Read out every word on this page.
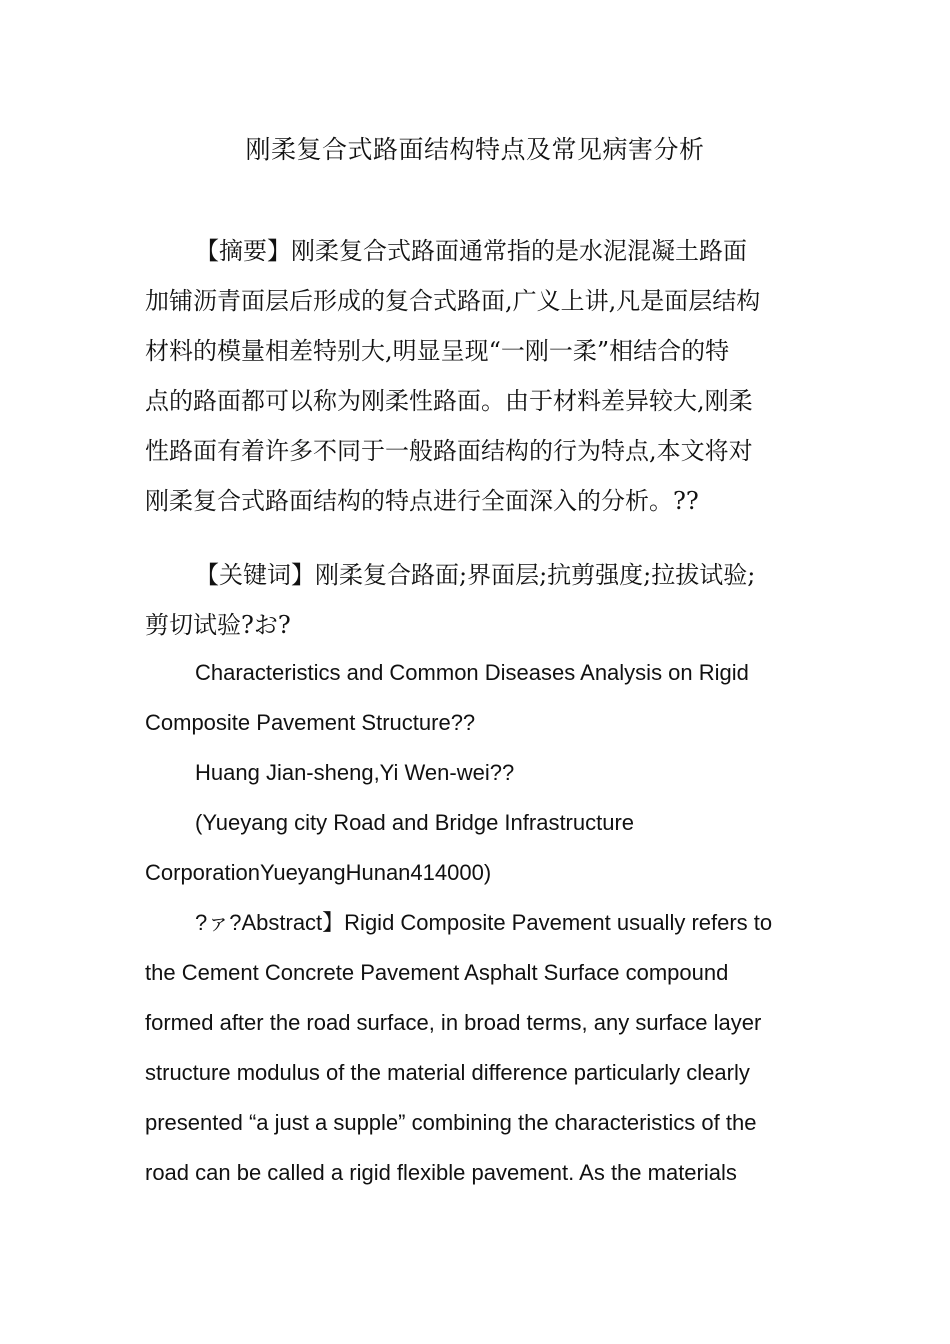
刚柔复合式路面结构特点及常见病害分析
【摘要】刚柔复合式路面通常指的是水泥混凝土路面
加铺沥青面层后形成的复合式路面,广义上讲,凡是面层结构
材料的模量相差特别大,明显呈现“一刚一柔”相结合的特
点的路面都可以称为刚柔性路面。由于材料差异较大,刚柔
性路面有着许多不同于一般路面结构的行为特点,本文将对
刚柔复合式路面结构的特点进行全面深入的分析。??
【关键词】刚柔复合路面;界面层;抗剪强度;拉拔试验;
剪切试验?お?
Characteristics and Common Diseases Analysis on Rigid
Composite Pavement Structure??
Huang Jian-sheng,Yi Wen-wei??
(Yueyang city Road and Bridge Infrastructure
CorporationYueyangHunan414000)
?ァ?Abstract】Rigid Composite Pavement usually refers to
the Cement Concrete Pavement Asphalt Surface compound
formed after the road surface, in broad terms, any surface layer
structure modulus of the material difference particularly clearly
presented “a just a supple” combining the characteristics of the
road can be called a rigid flexible pavement. As the materials
